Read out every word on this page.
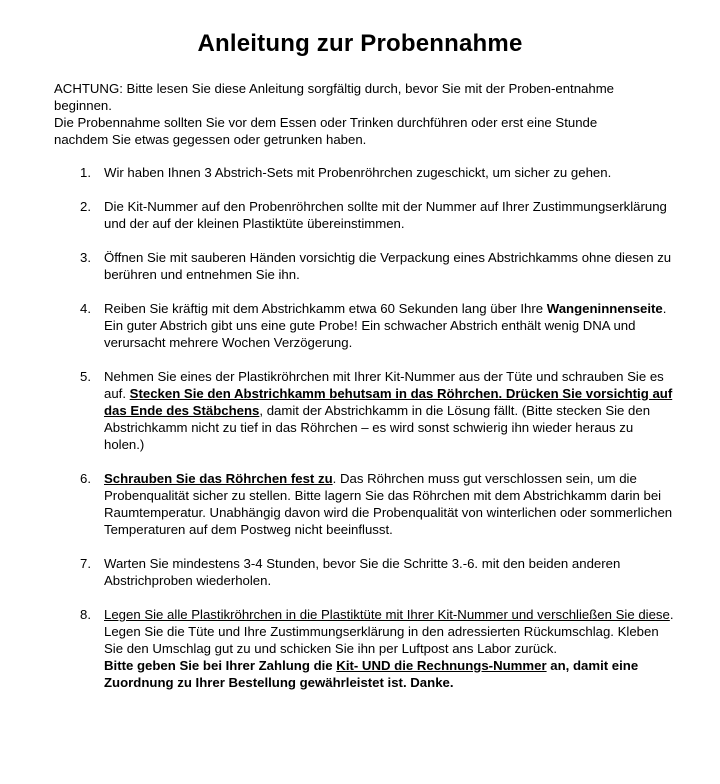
Anleitung zur Probennahme

ACHTUNG: Bitte lesen Sie diese Anleitung sorgfältig durch, bevor Sie mit der Proben-entnahme beginnen.

Die Probennahme sollten Sie vor dem Essen oder Trinken durchführen oder erst eine Stunde nachdem Sie etwas gegessen oder getrunken haben.

1. Wir haben Ihnen 3 Abstrich-Sets mit Probenröhrchen zugeschickt, um sicher zu gehen.
2. Die Kit-Nummer auf den Probenröhrchen sollte mit der Nummer auf Ihrer Zustimmungserklärung und der auf der kleinen Plastiktüte übereinstimmen.
3. Öffnen Sie mit sauberen Händen vorsichtig die Verpackung eines Abstrichkamms ohne diesen zu berühren und entnehmen Sie ihn.
4. Reiben Sie kräftig mit dem Abstrichkamm etwa 60 Sekunden lang über Ihre Wangeninnenseite. Ein guter Abstrich gibt uns eine gute Probe! Ein schwacher Abstrich enthält wenig DNA und verursacht mehrere Wochen Verzögerung.
5. Nehmen Sie eines der Plastikröhrchen mit Ihrer Kit-Nummer aus der Tüte und schrauben Sie es auf. Stecken Sie den Abstrichkamm behutsam in das Röhrchen. Drücken Sie vorsichtig auf das Ende des Stäbchens, damit der Abstrichkamm in die Lösung fällt. (Bitte stecken Sie den Abstrichkamm nicht zu tief in das Röhrchen – es wird sonst schwierig ihn wieder heraus zu holen.)
6. Schrauben Sie das Röhrchen fest zu. Das Röhrchen muss gut verschlossen sein, um die Probenqualität sicher zu stellen. Bitte lagern Sie das Röhrchen mit dem Abstrichkamm darin bei Raumtemperatur. Unabhängig davon wird die Probenqualität von winterlichen oder sommerlichen Temperaturen auf dem Postweg nicht beeinflusst.
7. Warten Sie mindestens 3-4 Stunden, bevor Sie die Schritte 3.-6. mit den beiden anderen Abstrichproben wiederholen.
8. Legen Sie alle Plastikröhrchen in die Plastiktüte mit Ihrer Kit-Nummer und verschließen Sie diese. Legen Sie die Tüte und Ihre Zustimmungserklärung in den adressierten Rückumschlag. Kleben Sie den Umschlag gut zu und schicken Sie ihn per Luftpost ans Labor zurück.
Bitte geben Sie bei Ihrer Zahlung die Kit- UND die Rechnungs-Nummer an, damit eine Zuordnung zu Ihrer Bestellung gewährleistet ist. Danke.
